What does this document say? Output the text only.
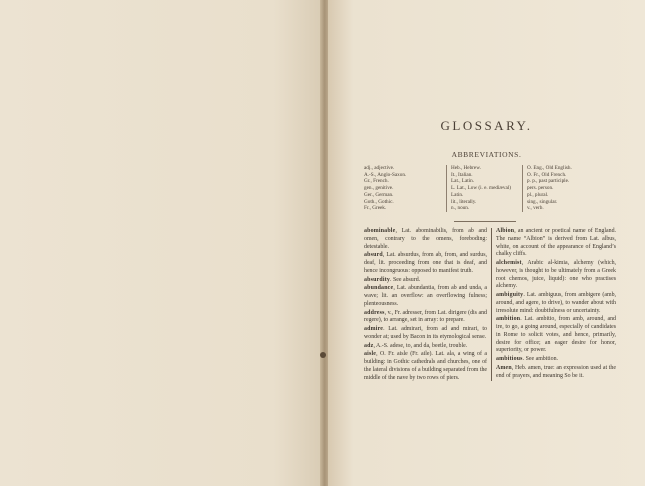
GLOSSARY.
ABBREVIATIONS.
adj., adjective.
A.-S., Anglo-Saxon.
Gr., French.
gen., genitive.
Ger., German.
Goth., Gothic.
Fr., Greek.
Heb., Hebrew.
It., Italian.
Lat., Latin.
L. Lat., Low (i. e. mediæval)
Latin.
lit., literally.
n., noun.
O. Eng., Old English.
O. Fr., Old French.
p. p., past participle.
pers. person.
pl., plural.
sing., singular.
v., verb.
abominable, Lat. abominabilis, from ab and omen, contrary to the omens, foreboding: detestable.
absurd, Lat. absurdus, from ab, from, and surdus, deaf, lit. proceeding from one that is deaf, and hence incongruous: opposed to manifest truth.
absurdity. See absurd.
abundance, Lat. abundantia, from ab and unda, a wave; lit. an overflow: an overflowing fulness; plenteousness.
address, v., Fr. adresser, from Lat. dirigere (dis and regere), to arrange, set in array: to prepare.
admire. Lat. admirari, from ad and mirari, to wonder at; used by Bacon in its etymological sense.
adz, A.-S. adese, to, and da, beetle, trouble.
aisle, O. Fr. aisle (Fr. aile). Lat. ala, a wing of a building: in Gothic cathedrals and churches, one of the lateral divisions of a building separated from the middle of the nave by two rows of piers.
Albion, an ancient or poetical name of England. The name “Albion” is derived from Lat. albus, white, on account of the appearance of England’s chalky cliffs.
alchemist, Arabic al-kimia, alchemy (which, however, is thought to be ultimately from a Greek root chemos, juice, liquid): one who practises alchemy.
ambiguity. Lat. ambiguus, from ambigere (amb, around, and agere, to drive), to wander about with irresolute mind: doubtfulness or uncertainty.
ambition. Lat. ambitio, from amb, around, and ire, to go, a going around, especially of candidates in Rome to solicit votes, and hence, primarily, desire for office; an eager desire for honor, superiority, or power.
ambitious. See ambition.
Amen, Heb. amen, true: an expression used at the end of prayers, and meaning So be it.
